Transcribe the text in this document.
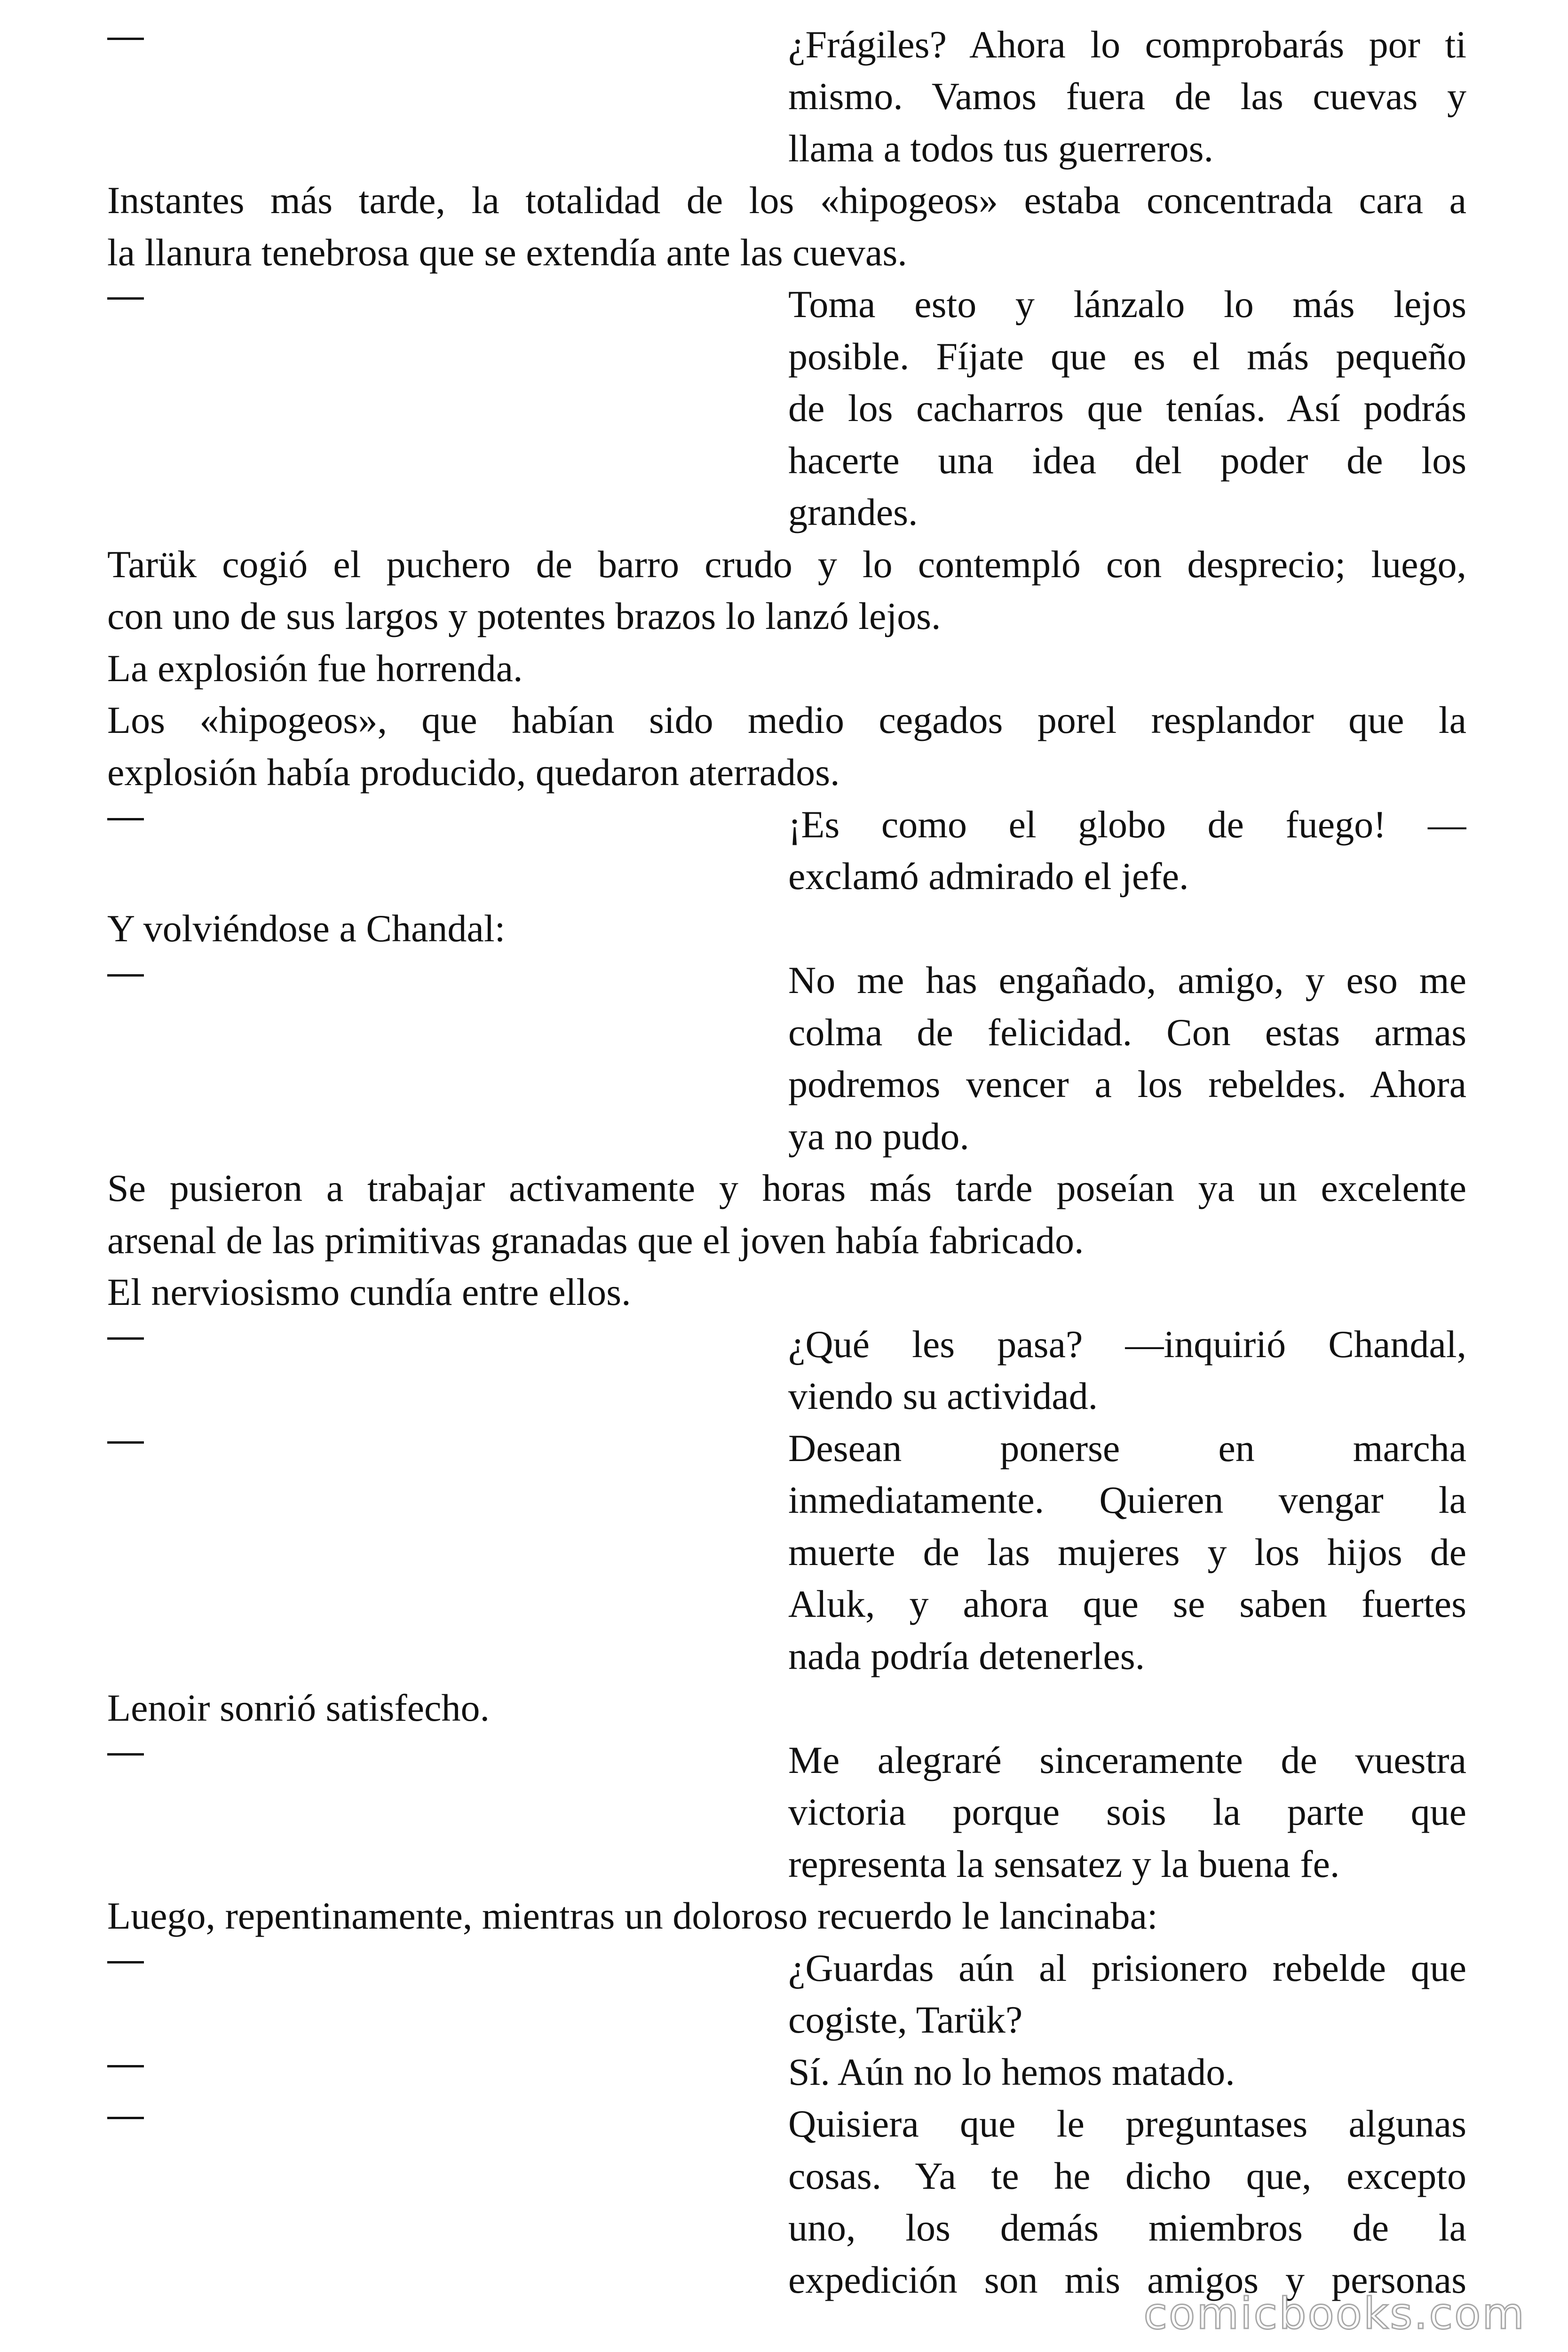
¿Frágiles? Ahora lo comprobarás por ti
mismo. Vamos fuera de las cuevas y
llama a todos tus guerreros.
Instantes más tarde, la totalidad de los «hipogeos» estaba concentrada cara a
la llanura tenebrosa que se extendía ante las cuevas.
Toma esto y lánzalo lo más lejos
posible. Fíjate que es el más pequeño
de los cacharros que tenías. Así podrás
hacerte una idea del poder de los
grandes.
Tarük cogió el puchero de barro crudo y lo contempló con desprecio; luego,
con uno de sus largos y potentes brazos lo lanzó lejos.
La explosión fue horrenda.
Los «hipogeos», que habían sido medio cegados porel resplandor que la
explosión había producido, quedaron aterrados.
¡Es como el globo de fuego! —
exclamó admirado el jefe.
Y volviéndose a Chandal:
No me has engañado, amigo, y eso me
colma de felicidad. Con estas armas
podremos vencer a los rebeldes. Ahora
ya no pudo.
Se pusieron a trabajar activamente y horas más tarde poseían ya un excelente
arsenal de las primitivas granadas que el joven había fabricado.
El nerviosismo cundía entre ellos.
¿Qué les pasa? —inquirió Chandal,
viendo su actividad.
Desean ponerse en marcha
inmediatamente. Quieren vengar la
muerte de las mujeres y los hijos de
Aluk, y ahora que se saben fuertes
nada podría detenerles.
Lenoir sonrió satisfecho.
Me alegraré sinceramente de vuestra
victoria porque sois la parte que
representa la sensatez y la buena fe.
Luego, repentinamente, mientras un doloroso recuerdo le lancinaba:
¿Guardas aún al prisionero rebelde que
cogiste, Tarük?
Sí. Aún no lo hemos matado.
Quisiera que le preguntases algunas
cosas. Ya te he dicho que, excepto
uno, los demás miembros de la
expedición son mis amigos y personas
comicbooks.com
